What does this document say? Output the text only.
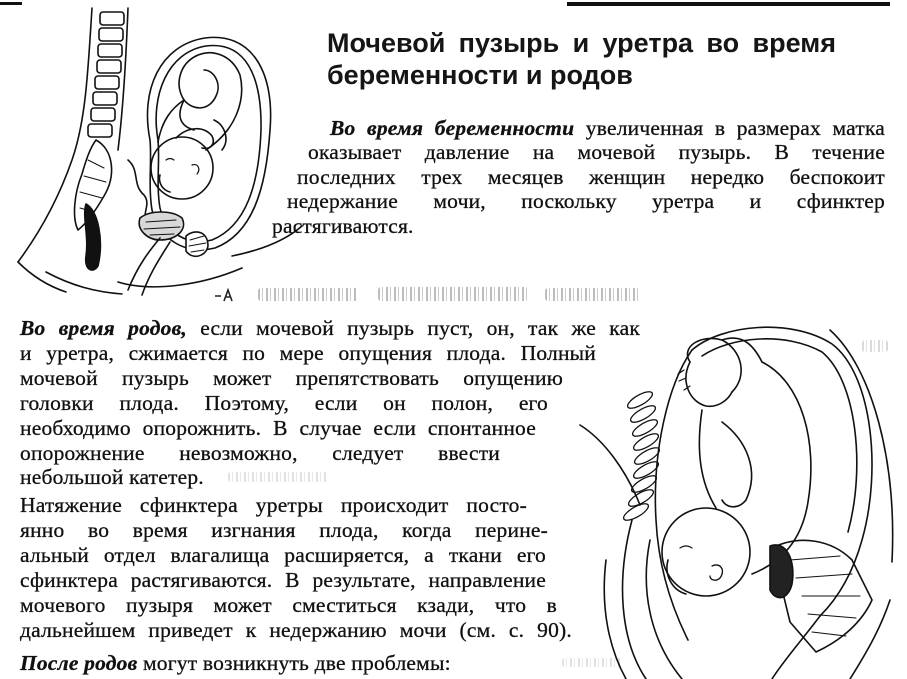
Мочевой пузырь и уретра во время
беременности и родов
Во время беременности увеличенная в размерах матка
оказывает давление на мочевой пузырь. В течение
последних трех месяцев женщин нередко беспокоит
недержание мочи, поскольку уретра и сфинктер
растягиваются.
Во время родов, если мочевой пузырь пуст, он, так же как
и уретра, сжимается по мере опущения плода. Полный
мочевой пузырь может препятствовать опущению
головки плода. Поэтому, если он полон, его
необходимо опорожнить. В случае если спонтанное
опорожнение невозможно, следует ввести
небольшой катетер.
Натяжение сфинктера уретры происходит посто-
янно во время изгнания плода, когда перине-
альный отдел влагалища расширяется, а ткани его
сфинктера растягиваются. В результате, направление
мочевого пузыря может сместиться кзади, что в
дальнейшем приведет к недержанию мочи (см. с. 90).
После родов могут возникнуть две проблемы:
